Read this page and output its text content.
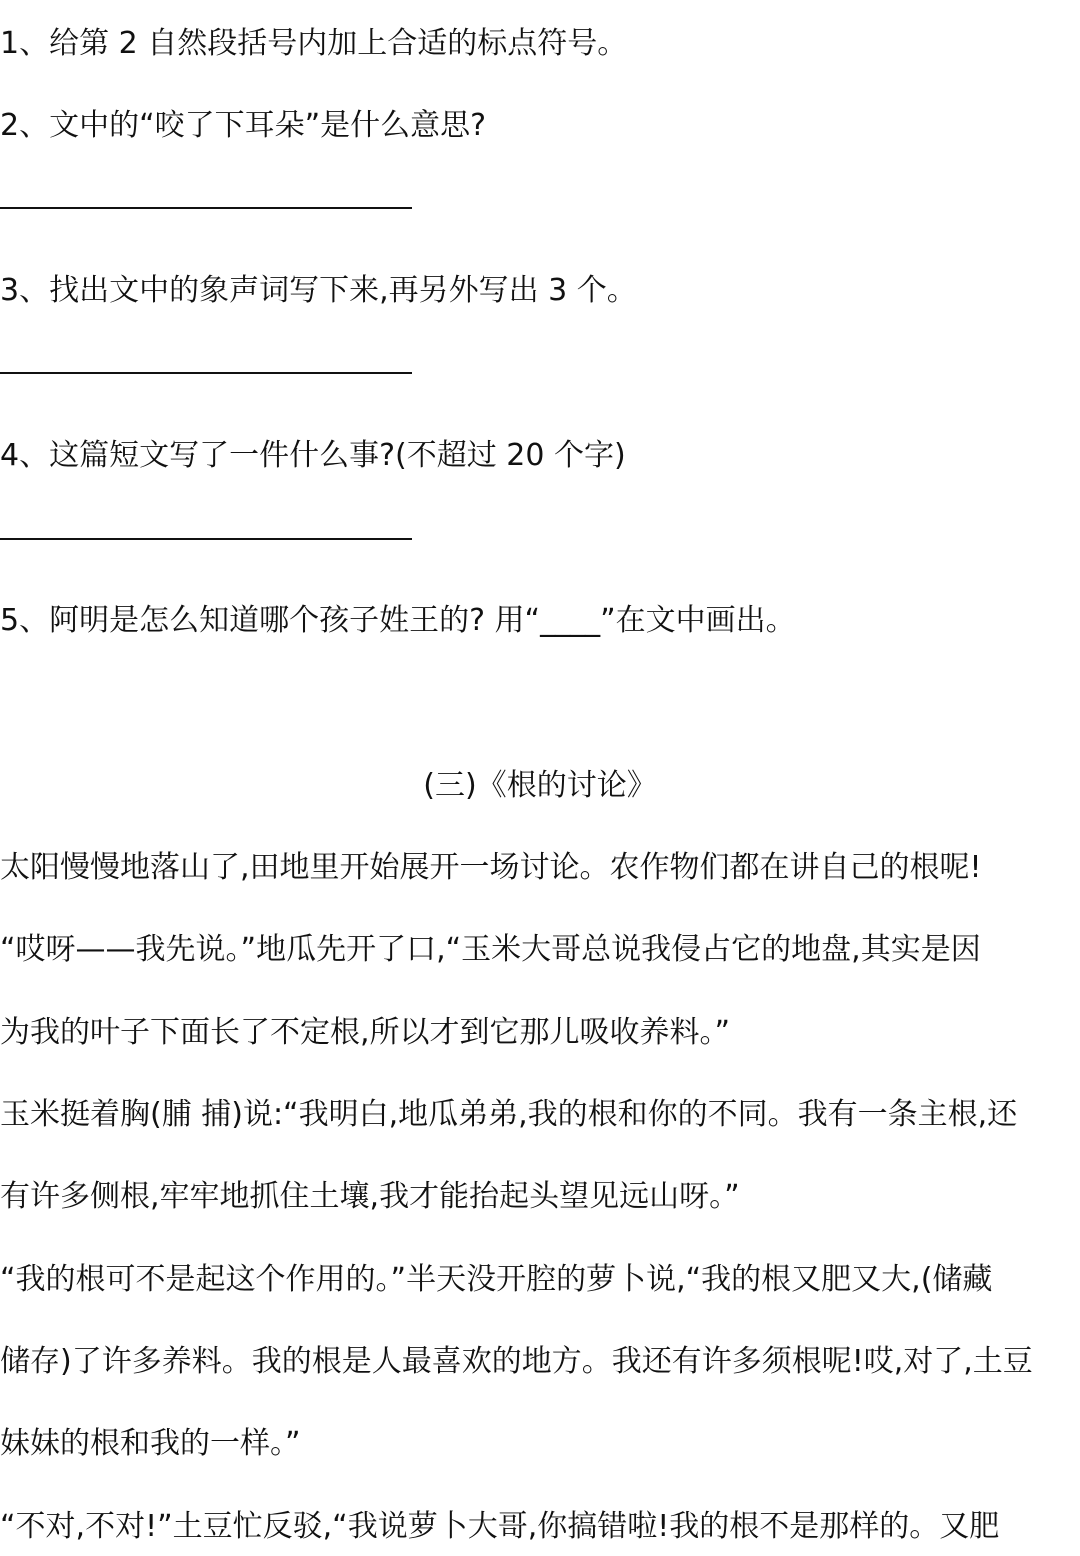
1、给第 2 自然段括号内加上合适的标点符号。
2、文中的“咬了下耳朵”是什么意思?
3、找出文中的象声词写下来,再另外写出 3 个。
4、这篇短文写了一件什么事?(不超过 20 个字)
5、阿明是怎么知道哪个孩子姓王的? 用“____”在文中画出。
(三)《根的讨论》
太阳慢慢地落山了,田地里开始展开一场讨论。农作物们都在讲自己的根呢!
“哎呀——我先说。”地瓜先开了口,“玉米大哥总说我侵占它的地盘,其实是因
为我的叶子下面长了不定根,所以才到它那儿吸收养料。”
玉米挺着胸(脯 捕)说:“我明白,地瓜弟弟,我的根和你的不同。我有一条主根,还
有许多侧根,牢牢地抓住土壤,我才能抬起头望见远山呀。”
“我的根可不是起这个作用的。”半天没开腔的萝卜说,“我的根又肥又大,(储藏
储存)了许多养料。我的根是人最喜欢的地方。我还有许多须根呢!哎,对了,土豆
妹妹的根和我的一样。”
“不对,不对!”土豆忙反驳,“我说萝卜大哥,你搞错啦!我的根不是那样的。又肥
